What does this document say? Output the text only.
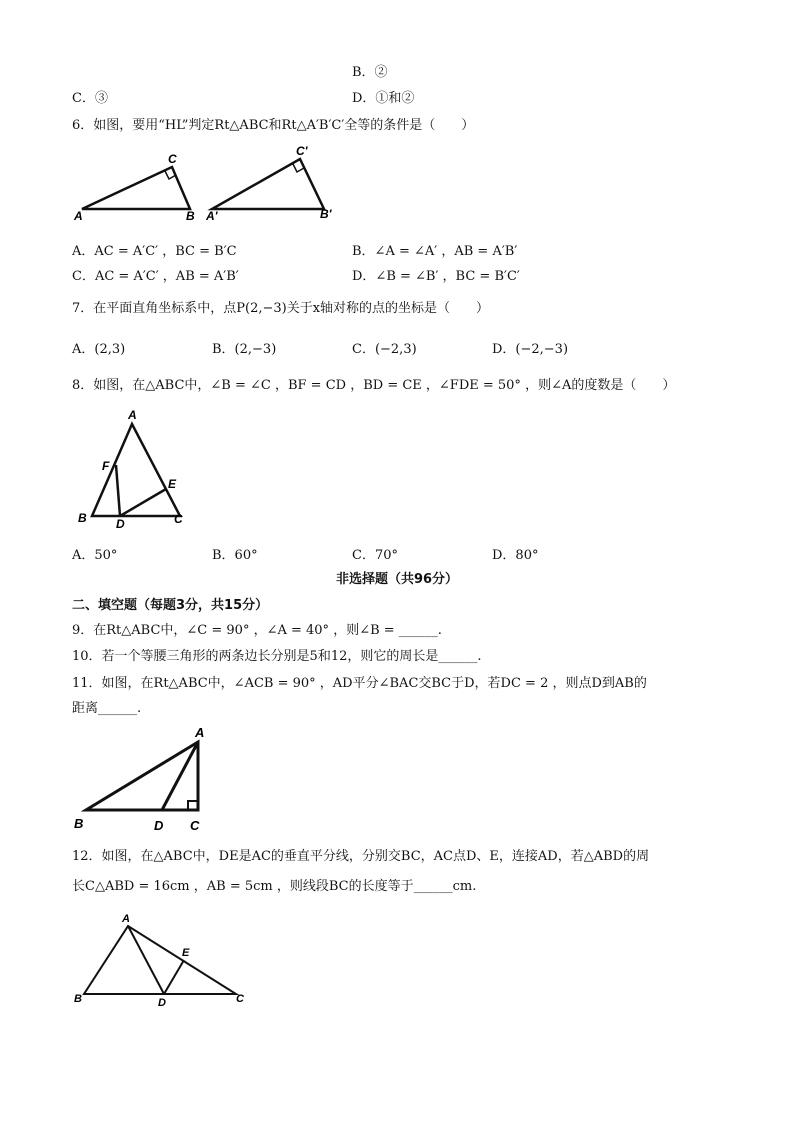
B．②
C．③	D．①和②
6．如图，要用“HL”判定Rt△ABC和Rt△A′B′C′全等的条件是（　　）
A	B
C
A'	B'
C'
A．AC = A′C′ ，BC = B′C	B．∠A = ∠A′ ，AB = A′B′
C．AC = A′C′ ，AB = A′B′	D．∠B = ∠B′ ，BC = B′C′
7．在平面直角坐标系中，点P(2,−3)关于x轴对称的点的坐标是（　　）
A．(2,3)	B．(2,−3)	C．(−2,3)	D．(−2,−3)
8．如图，在△ABC中，∠B = ∠C ，BF = CD ，BD = CE ，∠FDE = 50° ，则∠A的度数是（　　）
A
B	C
D
E
F
A．50°	B．60°	C．70°	D．80°
非选择题（共96分）
二、填空题（每题3分，共15分）
9．在Rt△ABC中，∠C = 90° ，∠A = 40° ，则∠B = ______.
10．若一个等腰三角形的两条边长分别是5和12，则它的周长是______.
11．如图，在Rt△ABC中，∠ACB = 90° ，AD平分∠BAC交BC于D，若DC = 2 ，则点D到AB的
距离______.
A
B	C
D
12．如图，在△ABC中，DE是AC的垂直平分线，分别交BC，AC点D、E，连接AD，若△ABD的周
长C△ABD = 16cm ，AB = 5cm ，则线段BC的长度等于______cm.
A
B	C
D
E
